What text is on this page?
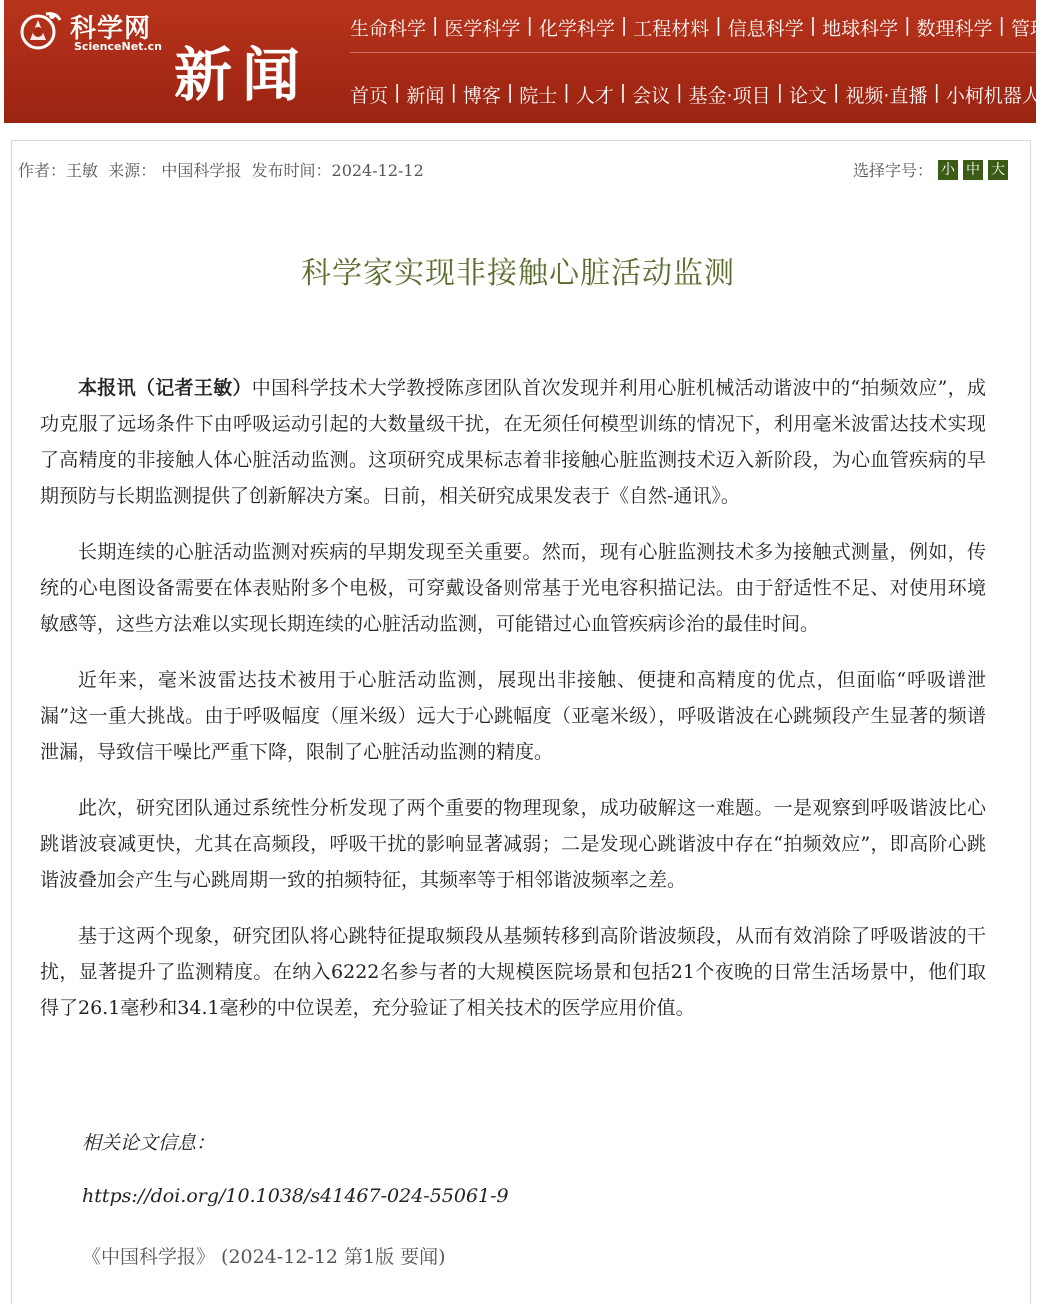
科学网
ScienceNet.cn 新闻
生命科学 | 医学科学 | 化学科学 | 工程材料 | 信息科学 | 地球科学 | 数理科学 | 管理
首页 | 新闻 | 博客 | 院士 | 人才 | 会议 | 基金·项目 | 论文 | 视频·直播 | 小柯机器人
作者：王敏 来源： 中国科学报 发布时间：2024-12-12	选择字号： 小 中 大
科学家实现非接触心脏活动监测

本报讯（记者王敏）中国科学技术大学教授陈彦团队首次发现并利用心脏机械活动谐波中的“拍频效应”，成功克服了远场条件下由呼吸运动引起的大数量级干扰，在无须任何模型训练的情况下，利用毫米波雷达技术实现了高精度的非接触人体心脏活动监测。这项研究成果标志着非接触心脏监测技术迈入新阶段，为心血管疾病的早期预防与长期监测提供了创新解决方案。日前，相关研究成果发表于《自然-通讯》。

长期连续的心脏活动监测对疾病的早期发现至关重要。然而，现有心脏监测技术多为接触式测量，例如，传统的心电图设备需要在体表贴附多个电极，可穿戴设备则常基于光电容积描记法。由于舒适性不足、对使用环境敏感等，这些方法难以实现长期连续的心脏活动监测，可能错过心血管疾病诊治的最佳时间。

近年来，毫米波雷达技术被用于心脏活动监测，展现出非接触、便捷和高精度的优点，但面临“呼吸谱泄漏”这一重大挑战。由于呼吸幅度（厘米级）远大于心跳幅度（亚毫米级），呼吸谐波在心跳频段产生显著的频谱泄漏，导致信干噪比严重下降，限制了心脏活动监测的精度。

此次，研究团队通过系统性分析发现了两个重要的物理现象，成功破解这一难题。一是观察到呼吸谐波比心跳谐波衰减更快，尤其在高频段，呼吸干扰的影响显著减弱；二是发现心跳谐波中存在“拍频效应”，即高阶心跳谐波叠加会产生与心跳周期一致的拍频特征，其频率等于相邻谐波频率之差。

基于这两个现象，研究团队将心跳特征提取频段从基频转移到高阶谐波频段，从而有效消除了呼吸谐波的干扰，显著提升了监测精度。在纳入6222名参与者的大规模医院场景和包括21个夜晚的日常生活场景中，他们取得了26.1毫秒和34.1毫秒的中位误差，充分验证了相关技术的医学应用价值。

相关论文信息：
https://doi.org/10.1038/s41467-024-55061-9
《中国科学报》 (2024-12-12 第1版 要闻)
